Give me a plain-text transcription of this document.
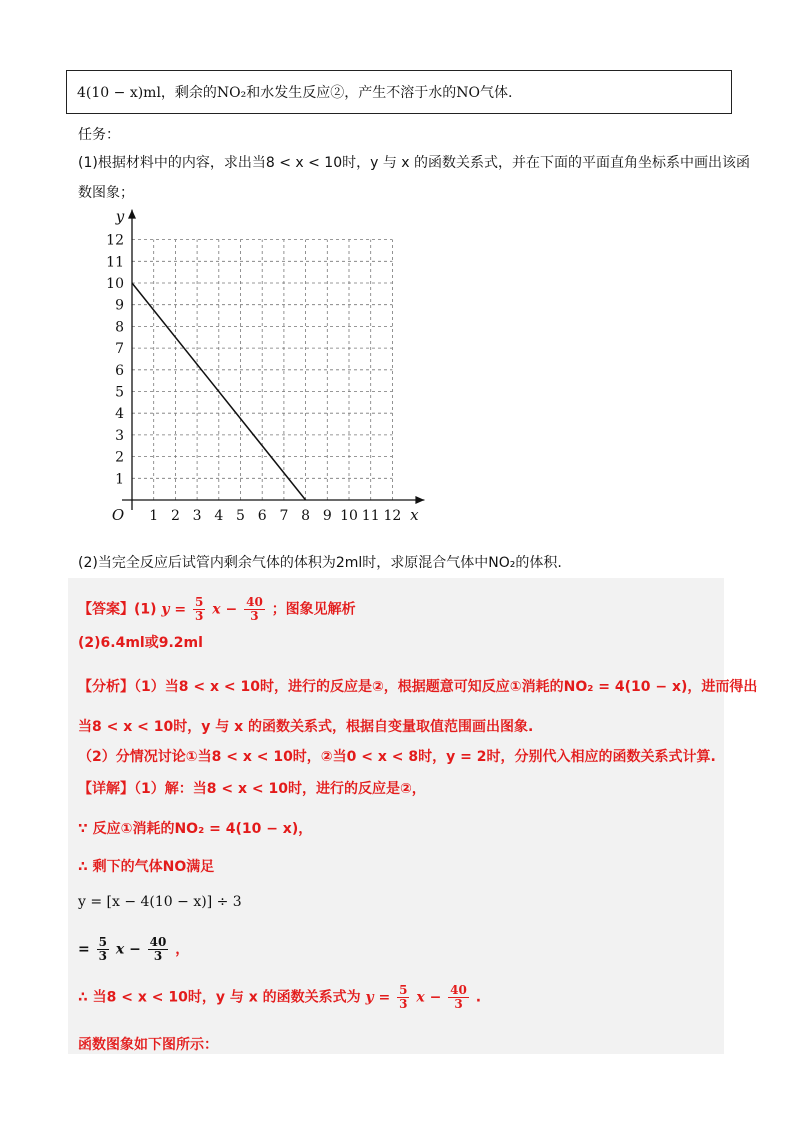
4(10 − x)ml，剩余的NO₂和水发生反应②，产生不溶于水的NO气体.
任务：
(1)根据材料中的内容，求出当8 < x < 10时，y 与 x 的函数关系式，并在下面的平面直角坐标系中画出该函
数图象；
1 2 3 4 5 6 7 8 9 10 11 12
1
2
3
4
5
6
7
8
9
10
11
12
O	x
y
(2)当完全反应后试管内剩余气体的体积为2ml时，求原混合气体中NO₂的体积.
【答案】(1) $y = \frac{5}{3}$ $x - \frac{40}{3}$ ；图象见解析
(2)6.4ml或9.2ml
【分析】（1）当8 < x < 10时，进行的反应是②，根据题意可知反应①消耗的NO₂ = 4(10 − x)，进而得出
当8 < x < 10时，y 与 x 的函数关系式，根据自变量取值范围画出图象.
（2）分情况讨论①当8 < x < 10时，②当0 < x < 8时，y = 2时，分别代入相应的函数关系式计算.
【详解】（1）解：当8 < x < 10时，进行的反应是②，
∵ 反应①消耗的NO₂ = 4(10 − x)，
∴ 剩下的气体NO满足
y = [x − 4(10 − x)] ÷ 3
= $\frac{5}{3}$ $x - \frac{40}{3}$ ，
∴ 当8 < x < 10时，y 与 x 的函数关系式为 $y = \frac{5}{3}$ $x - \frac{40}{3}$ .
函数图象如下图所示：
